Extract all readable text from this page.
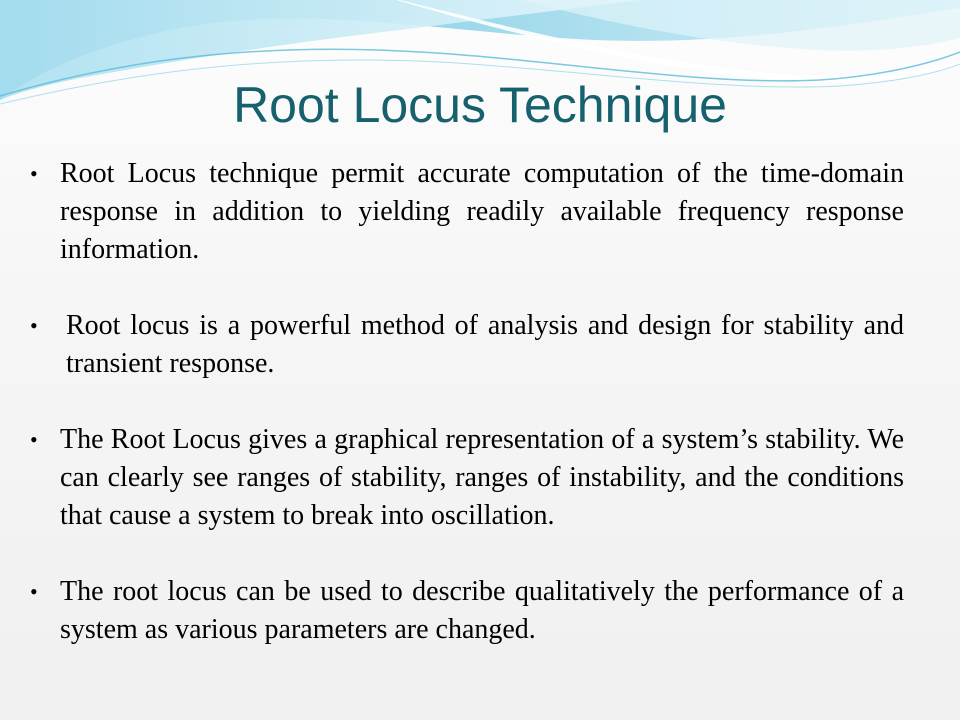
Root Locus Technique
• Root Locus technique permit accurate computation of the time-domain response in addition to yielding readily available frequency response information.
• Root locus is a powerful method of analysis and design for stability and transient response.
• The Root Locus gives a graphical representation of a system’s stability. We can clearly see ranges of stability, ranges of instability, and the conditions that cause a system to break into oscillation.
• The root locus can be used to describe qualitatively the performance of a system as various parameters are changed.
